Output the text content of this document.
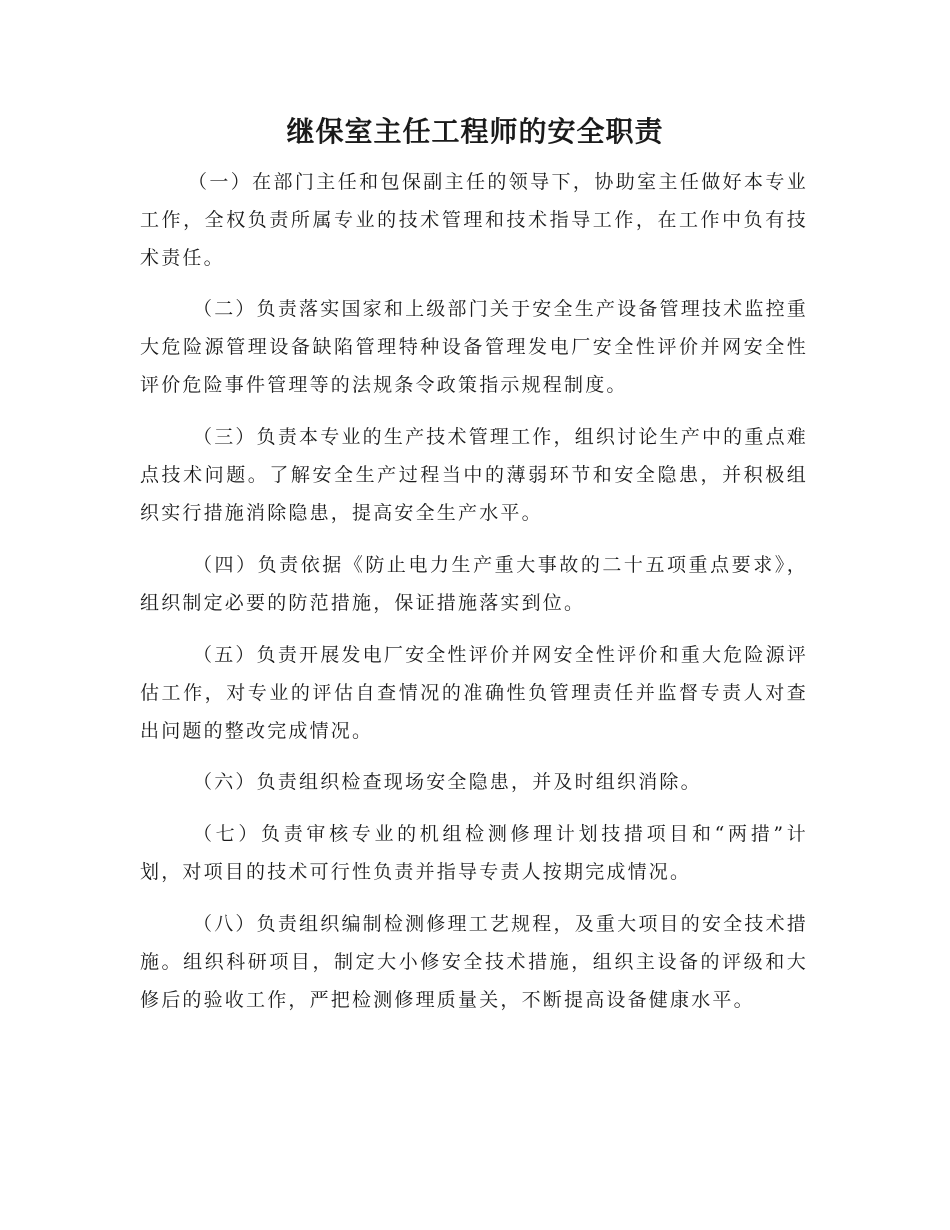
继保室主任工程师的安全职责

（一）在部门主任和包保副主任的领导下，协助室主任做好本专业工作，全权负责所属专业的技术管理和技术指导工作，在工作中负有技术责任。

（二）负责落实国家和上级部门关于安全生产设备管理技术监控重大危险源管理设备缺陷管理特种设备管理发电厂安全性评价并网安全性评价危险事件管理等的法规条令政策指示规程制度。

（三）负责本专业的生产技术管理工作，组织讨论生产中的重点难点技术问题。了解安全生产过程当中的薄弱环节和安全隐患，并积极组织实行措施消除隐患，提高安全生产水平。

（四）负责依据《防止电力生产重大事故的二十五项重点要求》，组织制定必要的防范措施，保证措施落实到位。

（五）负责开展发电厂安全性评价并网安全性评价和重大危险源评估工作，对专业的评估自查情况的准确性负管理责任并监督专责人对查出问题的整改完成情况。

（六）负责组织检查现场安全隐患，并及时组织消除。

（七）负责审核专业的机组检测修理计划技措项目和“两措”计划，对项目的技术可行性负责并指导专责人按期完成情况。

（八）负责组织编制检测修理工艺规程，及重大项目的安全技术措施。组织科研项目，制定大小修安全技术措施，组织主设备的评级和大修后的验收工作，严把检测修理质量关，不断提高设备健康水平。
